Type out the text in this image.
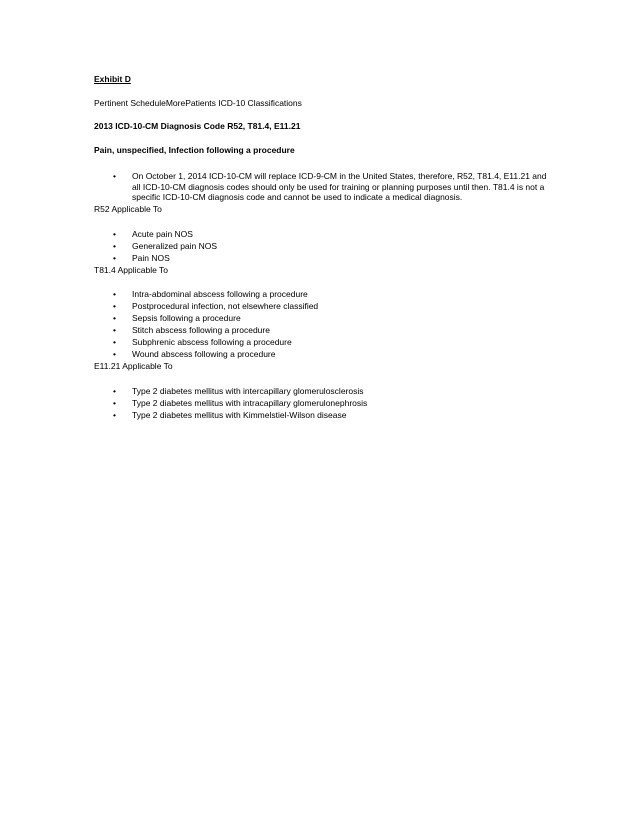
Exhibit D
Pertinent ScheduleMorePatients ICD-10 Classifications
2013 ICD-10-CM Diagnosis Code R52, T81.4, E11.21
Pain, unspecified, Infection following a procedure
• On October 1, 2014 ICD-10-CM will replace ICD-9-CM in the United States, therefore, R52, T81.4, E11.21 and all ICD-10-CM diagnosis codes should only be used for training or planning purposes until then. T81.4 is not a specific ICD-10-CM diagnosis code and cannot be used to indicate a medical diagnosis.
R52 Applicable To
• Acute pain NOS
• Generalized pain NOS
• Pain NOS
T81.4 Applicable To
• Intra-abdominal abscess following a procedure
• Postprocedural infection, not elsewhere classified
• Sepsis following a procedure
• Stitch abscess following a procedure
• Subphrenic abscess following a procedure
• Wound abscess following a procedure
E11.21 Applicable To
• Type 2 diabetes mellitus with intercapillary glomerulosclerosis
• Type 2 diabetes mellitus with intracapillary glomerulonephrosis
• Type 2 diabetes mellitus with Kimmelstiel-Wilson disease
